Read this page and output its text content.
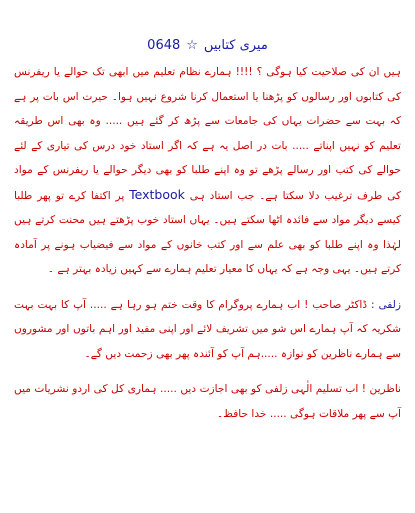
0648 ☆ میری کتابیں

ہیں ان کی صلاحیت کیا ہوگی ؟ !!!! ہمارے نظام تعلیم میں ابھی تک حوالے یا ریفرنس کی کتابوں اور رسالوں کو پڑھنا یا استعمال کرنا شروع نہیں ہوا۔ حیرت اس بات پر ہے کہ بہت سے حضرات یہاں کی جامعات سے پڑھ کر گئے ہیں ..... وہ بھی اس طریقہ تعلیم کو نہیں اپناتے ..... بات در اصل یہ ہے کہ اگر استاد خود درس کی تیاری کے لئے حوالے کی کتب اور رسالے پڑھے تو وہ اپنے طلبا کو بھی دیگر حوالے یا ریفرنس کے مواد کی طرف ترغیب دلا سکتا ہے۔ جب استاد ہی Textbook پر اکتفا کرے تو پھر طلبا کیسے دیگر مواد سے فائدہ اٹھا سکتے ہیں۔ یہاں استاد خوب پڑھتے ہیں محنت کرتے ہیں لہٰذا وہ اپنے طلبا کو بھی علم سے اور کتب خانوں کے مواد سے فیضیاب ہونے پر آمادہ کرتے ہیں۔ یہی وجہ ہے کہ یہاں کا معیار تعلیم ہمارے سے کہیں زیادہ بہتر ہے ۔

زلفی : ڈاکٹر صاحب ! اب ہمارے پروگرام کا وقت ختم ہو رہا ہے ..... آپ کا بہت بہت شکریہ کہ آپ ہمارے اس شو میں تشریف لائے اور اپنی مفید اور اہم باتوں اور مشوروں سے ہمارے ناظرین کو نوازہ .....ہم آپ کو آئندہ پھر بھی زحمت دیں گے۔

ناظرین ! اب تسلیم الٰہی زلفی کو بھی اجازت دیں ..... ہماری کل کی اردو نشریات میں آپ سے پھر ملاقات ہوگی ..... خدا حافظ۔
